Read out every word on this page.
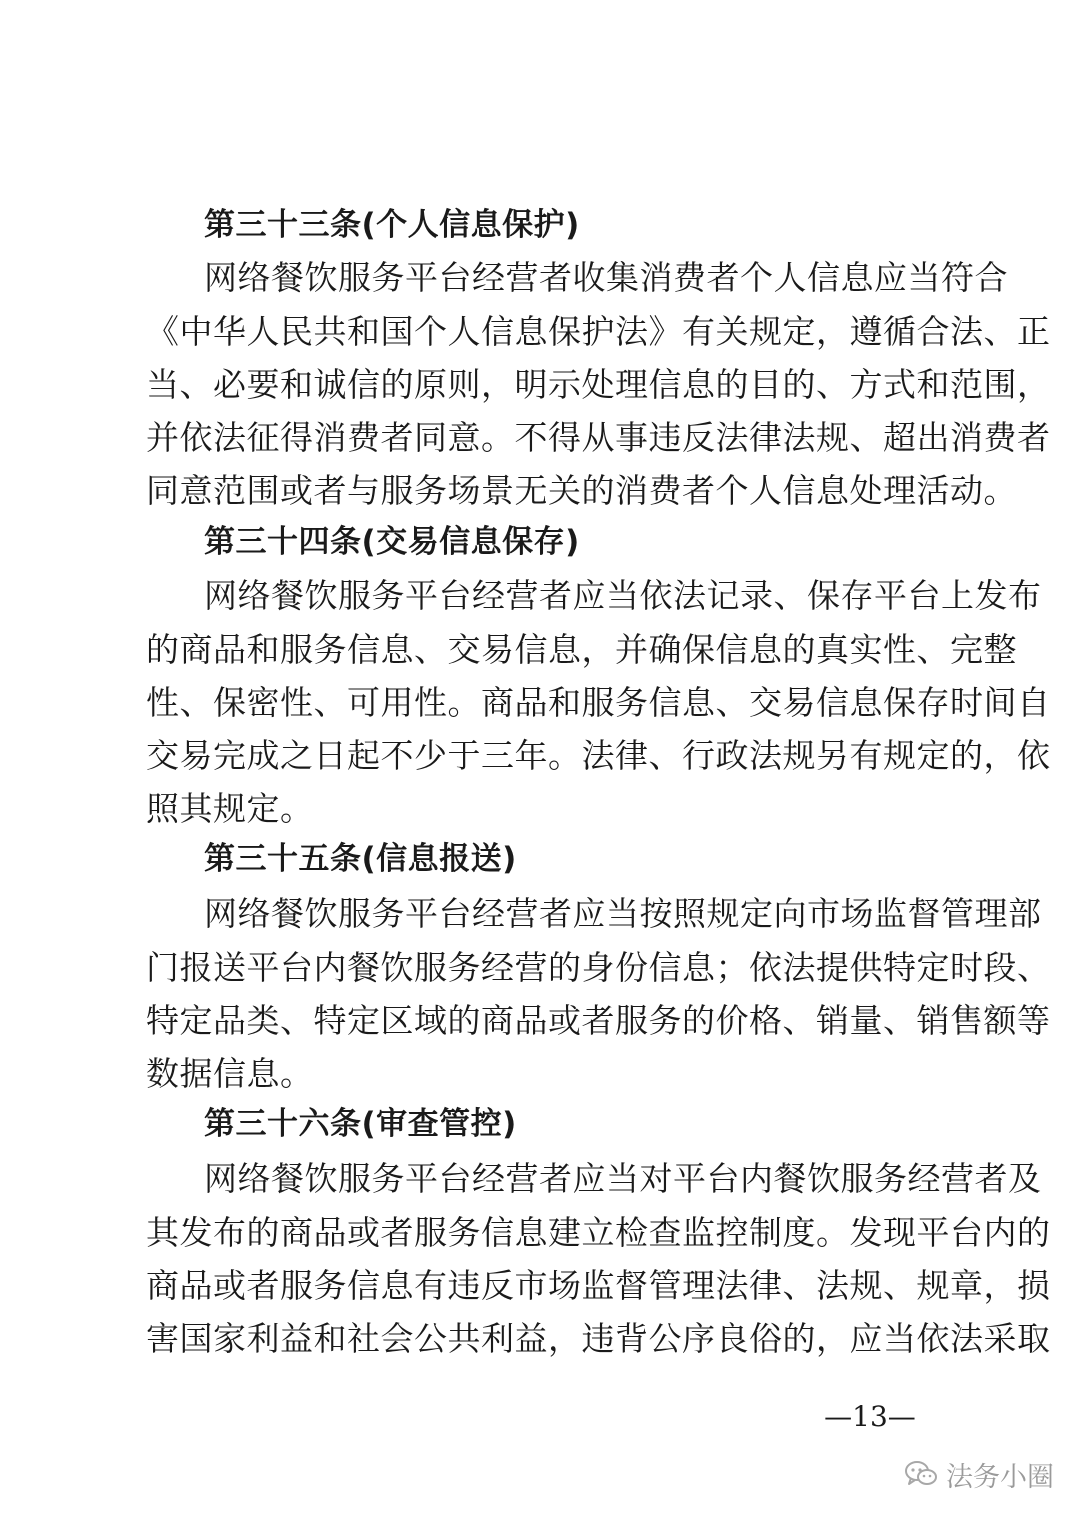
第三十三条(个人信息保护)
网络餐饮服务平台经营者收集消费者个人信息应当符合
《中华人民共和国个人信息保护法》有关规定，遵循合法、正
当、必要和诚信的原则，明示处理信息的目的、方式和范围，
并依法征得消费者同意。不得从事违反法律法规、超出消费者
同意范围或者与服务场景无关的消费者个人信息处理活动。
第三十四条(交易信息保存)
网络餐饮服务平台经营者应当依法记录、保存平台上发布
的商品和服务信息、交易信息，并确保信息的真实性、完整
性、保密性、可用性。商品和服务信息、交易信息保存时间自
交易完成之日起不少于三年。法律、行政法规另有规定的，依
照其规定。
第三十五条(信息报送)
网络餐饮服务平台经营者应当按照规定向市场监督管理部
门报送平台内餐饮服务经营的身份信息；依法提供特定时段、
特定品类、特定区域的商品或者服务的价格、销量、销售额等
数据信息。
第三十六条(审查管控)
网络餐饮服务平台经营者应当对平台内餐饮服务经营者及
其发布的商品或者服务信息建立检查监控制度。发现平台内的
商品或者服务信息有违反市场监督管理法律、法规、规章，损
害国家利益和社会公共利益，违背公序良俗的，应当依法采取
—13—
法务小圈
